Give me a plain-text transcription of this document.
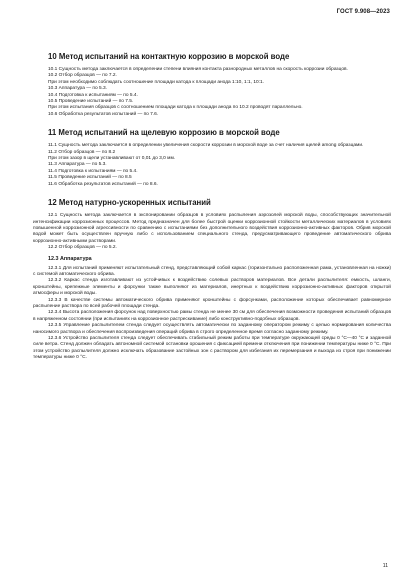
ГОСТ 9.908—2023
10 Метод испытаний на контактную коррозию в морской воде

10.1 Сущность метода заключается в определении степени влияния контакта разнородных металлов на скорость коррозии образцов.

10.2 Отбор образцов — по 7.2.

При этом необходимо соблюдать соотношение площади катода к площади анода 1:10, 1:1, 10:1.

10.3 Аппаратура — по 5.3.

10.4 Подготовка к испытаниям — по 5.4.

10.5 Проведение испытаний — по 7.5.

При этом испытания образцов с соотношением площади катода к площади анода по 10.2 проводят параллельно.

10.6 Обработка результатов испытаний — по 7.6.

11 Метод испытаний на щелевую коррозию в морской воде

11.1 Сущность метода заключается в определении увеличения скорости коррозии в морской воде за счет наличия щелей among образцами.

11.2 Отбор образцов — по 8.2

При этом зазор в щели устанавливают от 0,01 до 3,0 мм.

11.3 Аппаратура — по 5.3.

11.4 Подготовка к испытаниям — по 5.4.

11.5 Проведение испытаний — по 8.5

11.6 Обработка результатов испытаний — по 8.6.

12 Метод натурно-ускоренных испытаний

12.1 Сущность метода заключается в экспонировании образцов в условиях распыления аэрозолей морской воды, способствующих значительной интенсификации коррозионных процессов. Метод предназначен для более быстрой оценки коррозионной стойкости металлических материалов в условиях повышенной коррозионной агрессивности по сравнению с испытаниями без дополнительного воздействия коррозионно-активных факторов. Обрив морской водой может быть осуществлен вручную либо с использованием специального стенда, предусматривающего проведение автоматического обрива коррозионно-активными растворами.

12.2 Отбор образцов — по 5.2.

12.3 Аппаратура

12.3.1 Для испытаний применяют испытательный стенд, представляющий собой каркас (горизонтально расположенная рама, установленная на ножки) с системой автоматического обрива.

12.3.2 Каркас стенда изготавливают из устойчивых к воздействию солевых растворов материалов. Все детали распылителя: емкость, шланги, кронштейны, крепежные элементы и форсунки также выполняют из материалов, инертных к воздействию коррозионно-активных факторов открытой атмосферы и морской воды.

12.3.3 В качестве системы автоматического обрива применяют кронштейны с форсунками, расположение которых обеспечивает равномерное распыление раствора по всей рабочей площади стенда.

12.3.4 Высота расположения форсунок над поверхностью рамы стенда не менее 30 см для обеспечения возможности проведения испытаний образцов в напряженном состоянии (при испытаниях на коррозионное растрескивание) либо конструктивно-подобных образцов.

12.3.5 Управление распылителем стенда следует осуществлять автоматически по заданному оператором режиму с целью нормирования количества наносимого раствора и обеспечения воспроизведения операций обрива в строго определенное время согласно заданному режиму.

12.3.6 Устройство распылителя стенда следует обеспечивать стабильный режим работы при температуре окружающей среды 0 °C—40 °C и заданной силе ветра. Стенд должен обладать автономной системой остановки орошения с фиксацией времени отключения при понижении температуры ниже 0 °C. При этом устройство распылителя должно исключать образование застойных зон с раствором для избегания их перемерзания и выхода из строя при понижении температуры ниже 0 °C.

11
